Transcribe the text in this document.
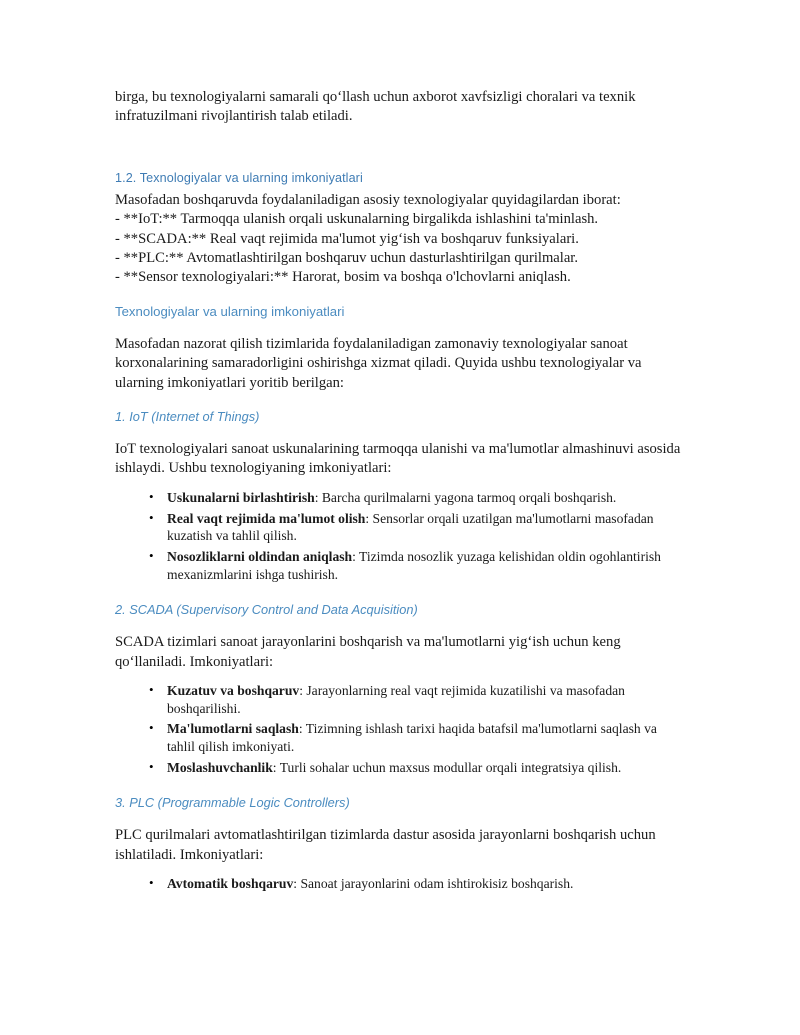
birga, bu texnologiyalarni samarali qo‘llash uchun axborot xavfsizligi choralari va texnik infratuzilmani rivojlantirish talab etiladi.

1.2. Texnologiyalar va ularning imkoniyatlari

Masofadan boshqaruvda foydalaniladigan asosiy texnologiyalar quyidagilardan iborat:

- **IoT:** Tarmoqqa ulanish orqali uskunalarning birgalikda ishlashini ta'minlash.
- **SCADA:** Real vaqt rejimida ma'lumot yig‘ish va boshqaruv funksiyalari.
- **PLC:** Avtomatlashtirilgan boshqaruv uchun dasturlashtirilgan qurilmalar.
- **Sensor texnologiyalari:** Harorat, bosim va boshqa o'lchovlarni aniqlash.
Texnologiyalar va ularning imkoniyatlari

Masofadan nazorat qilish tizimlarida foydalaniladigan zamonaviy texnologiyalar sanoat korxonalarining samaradorligini oshirishga xizmat qiladi. Quyida ushbu texnologiyalar va ularning imkoniyatlari yoritib berilgan:

1. IoT (Internet of Things)

IoT texnologiyalari sanoat uskunalarining tarmoqqa ulanishi va ma'lumotlar almashinuvi asosida ishlaydi. Ushbu texnologiyaning imkoniyatlari:

• Uskunalarni birlashtirish: Barcha qurilmalarni yagona tarmoq orqali boshqarish.
• Real vaqt rejimida ma'lumot olish: Sensorlar orqali uzatilgan ma'lumotlarni masofadan kuzatish va tahlil qilish.
• Nosozliklarni oldindan aniqlash: Tizimda nosozlik yuzaga kelishidan oldin ogohlantirish mexanizmlarini ishga tushirish.
2. SCADA (Supervisory Control and Data Acquisition)

SCADA tizimlari sanoat jarayonlarini boshqarish va ma'lumotlarni yig‘ish uchun keng qo‘llaniladi. Imkoniyatlari:

• Kuzatuv va boshqaruv: Jarayonlarning real vaqt rejimida kuzatilishi va masofadan boshqarilishi.
• Ma'lumotlarni saqlash: Tizimning ishlash tarixi haqida batafsil ma'lumotlarni saqlash va tahlil qilish imkoniyati.
• Moslashuvchanlik: Turli sohalar uchun maxsus modullar orqali integratsiya qilish.
3. PLC (Programmable Logic Controllers)

PLC qurilmalari avtomatlashtirilgan tizimlarda dastur asosida jarayonlarni boshqarish uchun ishlatiladi. Imkoniyatlari:

• Avtomatik boshqaruv: Sanoat jarayonlarini odam ishtirokisiz boshqarish.
